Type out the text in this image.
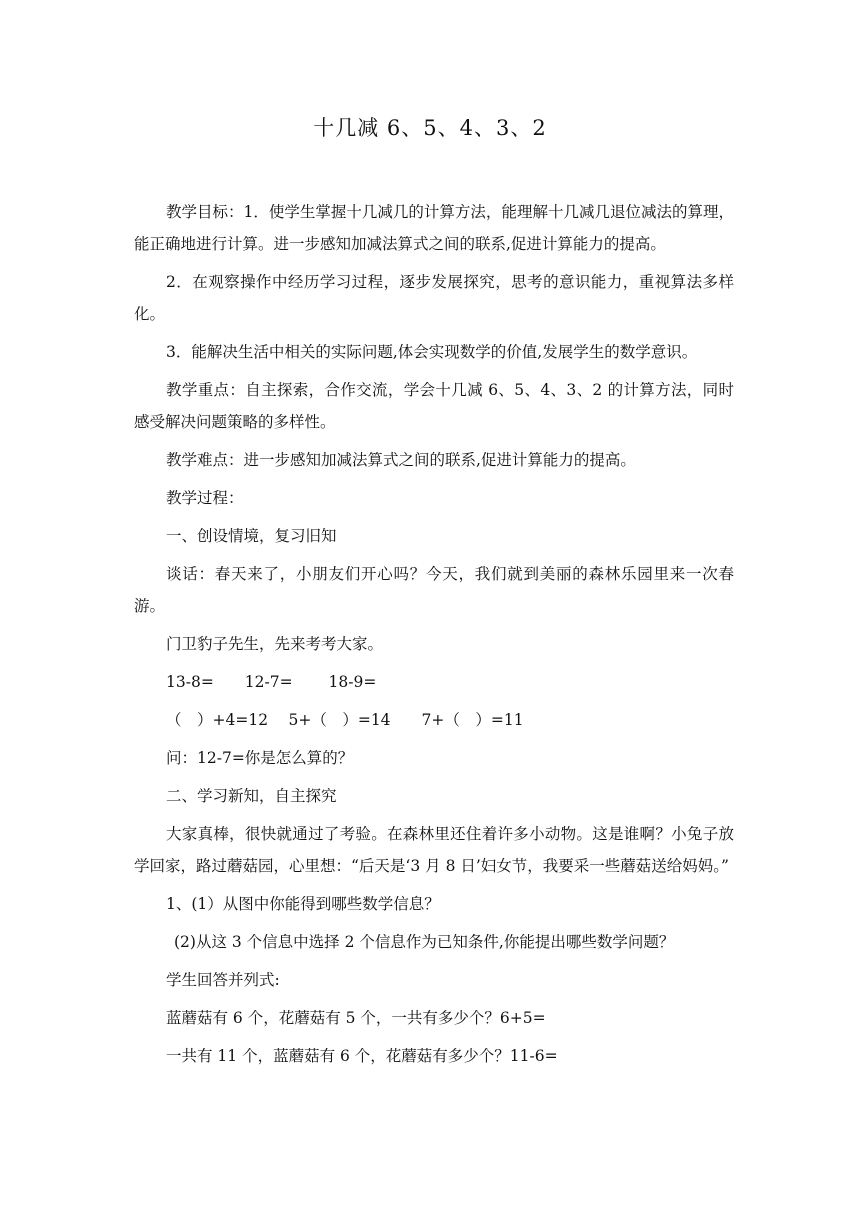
十几减 6、5、4、3、2

教学目标：1．使学生掌握十几减几的计算方法，能理解十几减几退位减法的算理，能正确地进行计算。进一步感知加减法算式之间的联系,促进计算能力的提高。

2．在观察操作中经历学习过程，逐步发展探究，思考的意识能力，重视算法多样化。

3．能解决生活中相关的实际问题,体会实现数学的价值,发展学生的数学意识。

教学重点：自主探索，合作交流，学会十几减 6、5、4、3、2 的计算方法，同时感受解决问题策略的多样性。

教学难点：进一步感知加减法算式之间的联系,促进计算能力的提高。

教学过程：

一、创设情境，复习旧知

谈话：春天来了，小朋友们开心吗？今天，我们就到美丽的森林乐园里来一次春游。

门卫豹子先生，先来考考大家。

13-8=　　12-7=　　 18-9=

（　）+4=12　 5+（　）=14　　7+（　）=11

问：12-7=你是怎么算的？

二、学习新知，自主探究

大家真棒，很快就通过了考验。在森林里还住着许多小动物。这是谁啊？小兔子放学回家，路过蘑菇园，心里想：“后天是‘3 月 8 日’妇女节，我要采一些蘑菇送给妈妈。”

1、(1）从图中你能得到哪些数学信息？

(2)从这 3 个信息中选择 2 个信息作为已知条件,你能提出哪些数学问题？

学生回答并列式:

蓝蘑菇有 6 个，花蘑菇有 5 个，一共有多少个？6+5=

一共有 11 个，蓝蘑菇有 6 个，花蘑菇有多少个？11-6=
